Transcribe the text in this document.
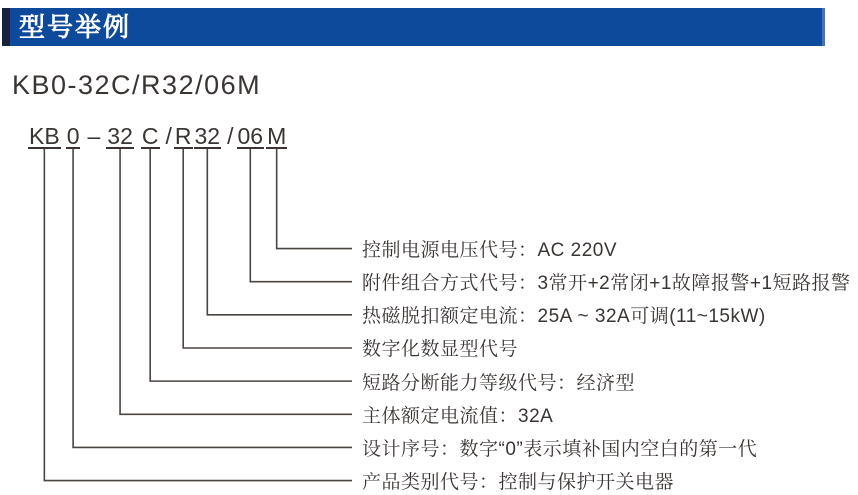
型号举例
KB0-32C/R32/06M
KB 0 – 32 C / R 32 / 06 M
控制电源电压代号：AC 220V
附件组合方式代号：3常开+2常闭+1故障报警+1短路报警
热磁脱扣额定电流：25A ~ 32A可调(11~15kW)
数字化数显型代号
短路分断能力等级代号：经济型
主体额定电流值：32A
设计序号：数字“0”表示填补国内空白的第一代
产品类别代号：控制与保护开关电器
